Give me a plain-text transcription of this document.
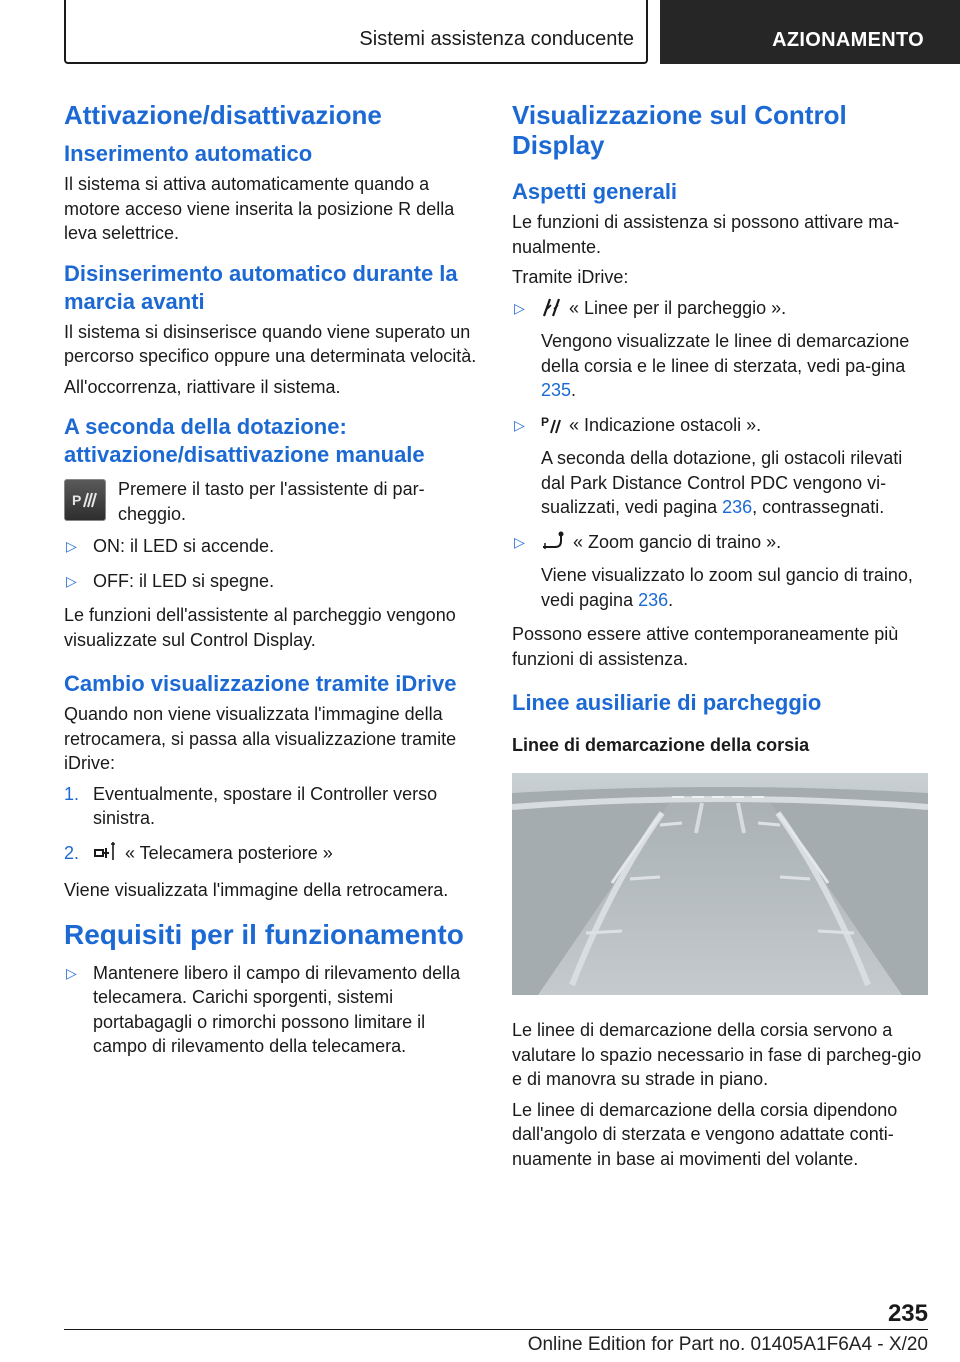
Sistemi assistenza conducente	AZIONAMENTO
Attivazione/disattivazione
Inserimento automatico

Il sistema si attiva automaticamente quando a motore acceso viene inserita la posizione R della leva selettrice.

Disinserimento automatico durante la marcia avanti

Il sistema si disinserisce quando viene superato un percorso specifico oppure una determinata velocità.

All'occorrenza, riattivare il sistema.

A seconda della dotazione: attivazione/disattivazione manuale
P

Premere il tasto per l'assistente di par-cheggio.

▷ ON: il LED si accende.
▷ OFF: il LED si spegne.

Le funzioni dell'assistente al parcheggio vengono visualizzate sul Control Display.

Cambio visualizzazione tramite iDrive

Quando non viene visualizzata l'immagine della retrocamera, si passa alla visualizzazione tramite iDrive:

1. Eventualmente, spostare il Controller verso sinistra.
2.	« Telecamera posteriore »

Viene visualizzata l'immagine della retrocamera.

Requisiti per il funzionamento
▷ Mantenere libero il campo di rilevamento della telecamera. Carichi sporgenti, sistemi portabagagli o rimorchi possono limitare il campo di rilevamento della telecamera.
Visualizzazione sul Control Display
Aspetti generali

Le funzioni di assistenza si possono attivare ma-nualmente.

Tramite iDrive:

▷ « Linee per il parcheggio ».
Vengono visualizzate le linee di demarcazione della corsia e le linee di sterzata, vedi pa-gina 235.
▷ P « Indicazione ostacoli ».
A seconda della dotazione, gli ostacoli rilevati dal Park Distance Control PDC vengono vi-sualizzati, vedi pagina 236, contrassegnati.
▷	« Zoom gancio di traino ».
Viene visualizzato lo zoom sul gancio di traino, vedi pagina 236.

Possono essere attive contemporaneamente più funzioni di assistenza.

Linee ausiliarie di parcheggio
Linee di demarcazione della corsia

Le linee di demarcazione della corsia servono a valutare lo spazio necessario in fase di parcheg-gio e di manovra su strade in piano.

Le linee di demarcazione della corsia dipendono dall'angolo di sterzata e vengono adattate conti-nuamente in base ai movimenti del volante.

235
Online Edition for Part no. 01405A1F6A4 - X/20
